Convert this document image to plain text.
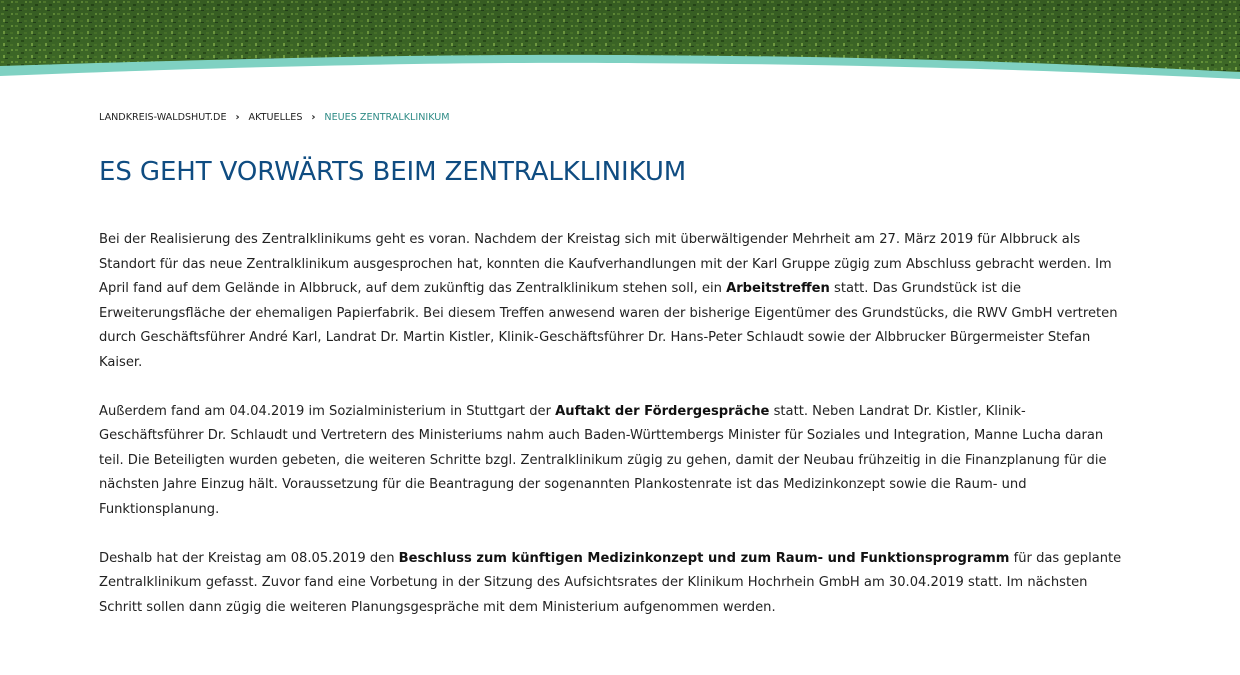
LANDKREIS-WALDSHUT.DE › AKTUELLES › NEUES ZENTRALKLINIKUM
ES GEHT VORWÄRTS BEIM ZENTRALKLINIKUM

Bei der Realisierung des Zentralklinikums geht es voran. Nachdem der Kreistag sich mit überwältigender Mehrheit am 27. März 2019 für Albbruck als Standort für das neue Zentralklinikum ausgesprochen hat, konnten die Kaufverhandlungen mit der Karl Gruppe zügig zum Abschluss gebracht werden. Im April fand auf dem Gelände in Albbruck, auf dem zukünftig das Zentralklinikum stehen soll, ein Arbeitstreffen statt. Das Grundstück ist die Erweiterungsfläche der ehemaligen Papierfabrik. Bei diesem Treffen anwesend waren der bisherige Eigentümer des Grundstücks, die RWV GmbH vertreten durch Geschäftsführer André Karl, Landrat Dr. Martin Kistler, Klinik-Geschäftsführer Dr. Hans-Peter Schlaudt sowie der Albbrucker Bürgermeister Stefan Kaiser.

Außerdem fand am 04.04.2019 im Sozialministerium in Stuttgart der Auftakt der Fördergespräche statt. Neben Landrat Dr. Kistler, Klinik-Geschäftsführer Dr. Schlaudt und Vertretern des Ministeriums nahm auch Baden-Württembergs Minister für Soziales und Integration, Manne Lucha daran teil. Die Beteiligten wurden gebeten, die weiteren Schritte bzgl. Zentralklinikum zügig zu gehen, damit der Neubau frühzeitig in die Finanzplanung für die nächsten Jahre Einzug hält. Voraussetzung für die Beantragung der sogenannten Plankostenrate ist das Medizinkonzept sowie die Raum- und Funktionsplanung.

Deshalb hat der Kreistag am 08.05.2019 den Beschluss zum künftigen Medizinkonzept und zum Raum- und Funktionsprogramm für das geplante Zentralklinikum gefasst. Zuvor fand eine Vorbetung in der Sitzung des Aufsichtsrates der Klinikum Hochrhein GmbH am 30.04.2019 statt. Im nächsten Schritt sollen dann zügig die weiteren Planungsgespräche mit dem Ministerium aufgenommen werden.
